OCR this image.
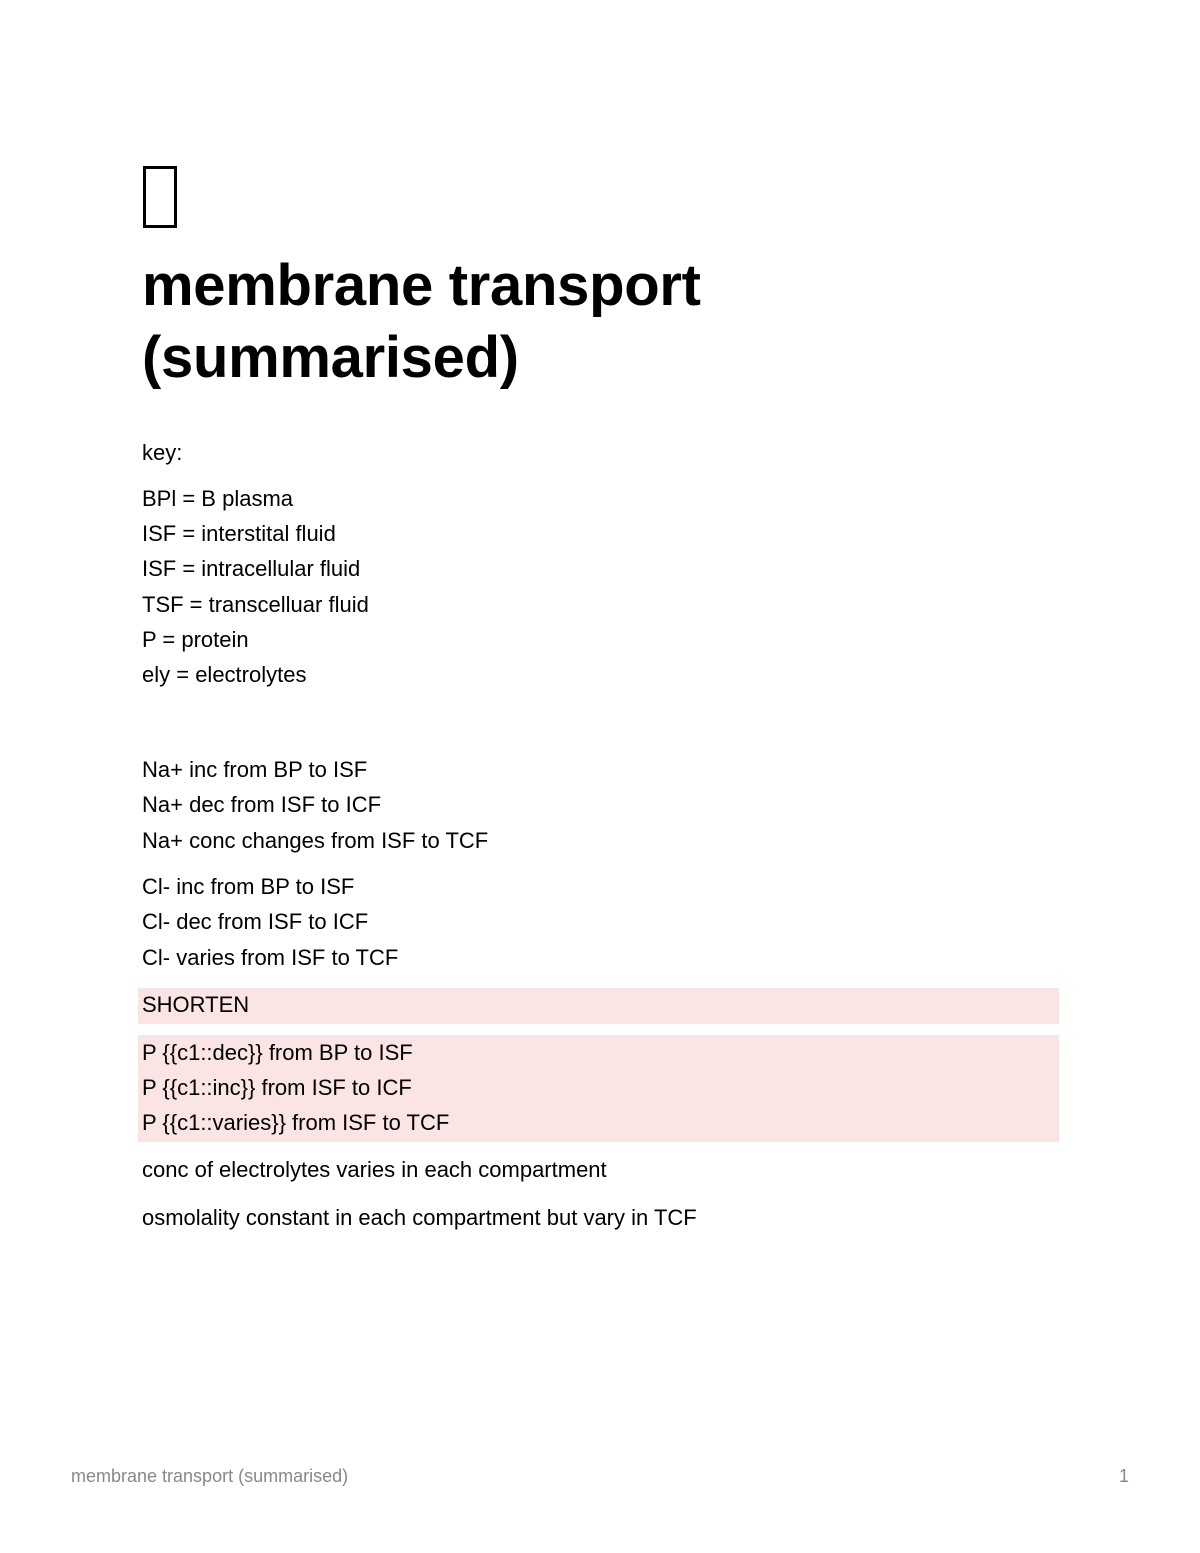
membrane transport
(summarised)
key:
BPl = B plasma
ISF = interstital fluid
ISF = intracellular fluid
TSF = transcelluar fluid
P = protein
ely = electrolytes
Na+ inc from BP to ISF
Na+ dec from ISF to ICF
Na+ conc changes from ISF to TCF
Cl- inc from BP to ISF
Cl- dec from ISF to ICF
Cl- varies from ISF to TCF
SHORTEN
P {{c1::dec}} from BP to ISF
P {{c1::inc}} from ISF to ICF
P {{c1::varies}} from ISF to TCF
conc of electrolytes varies in each compartment
osmolality constant in each compartment but vary in TCF
membrane transport (summarised)	1
